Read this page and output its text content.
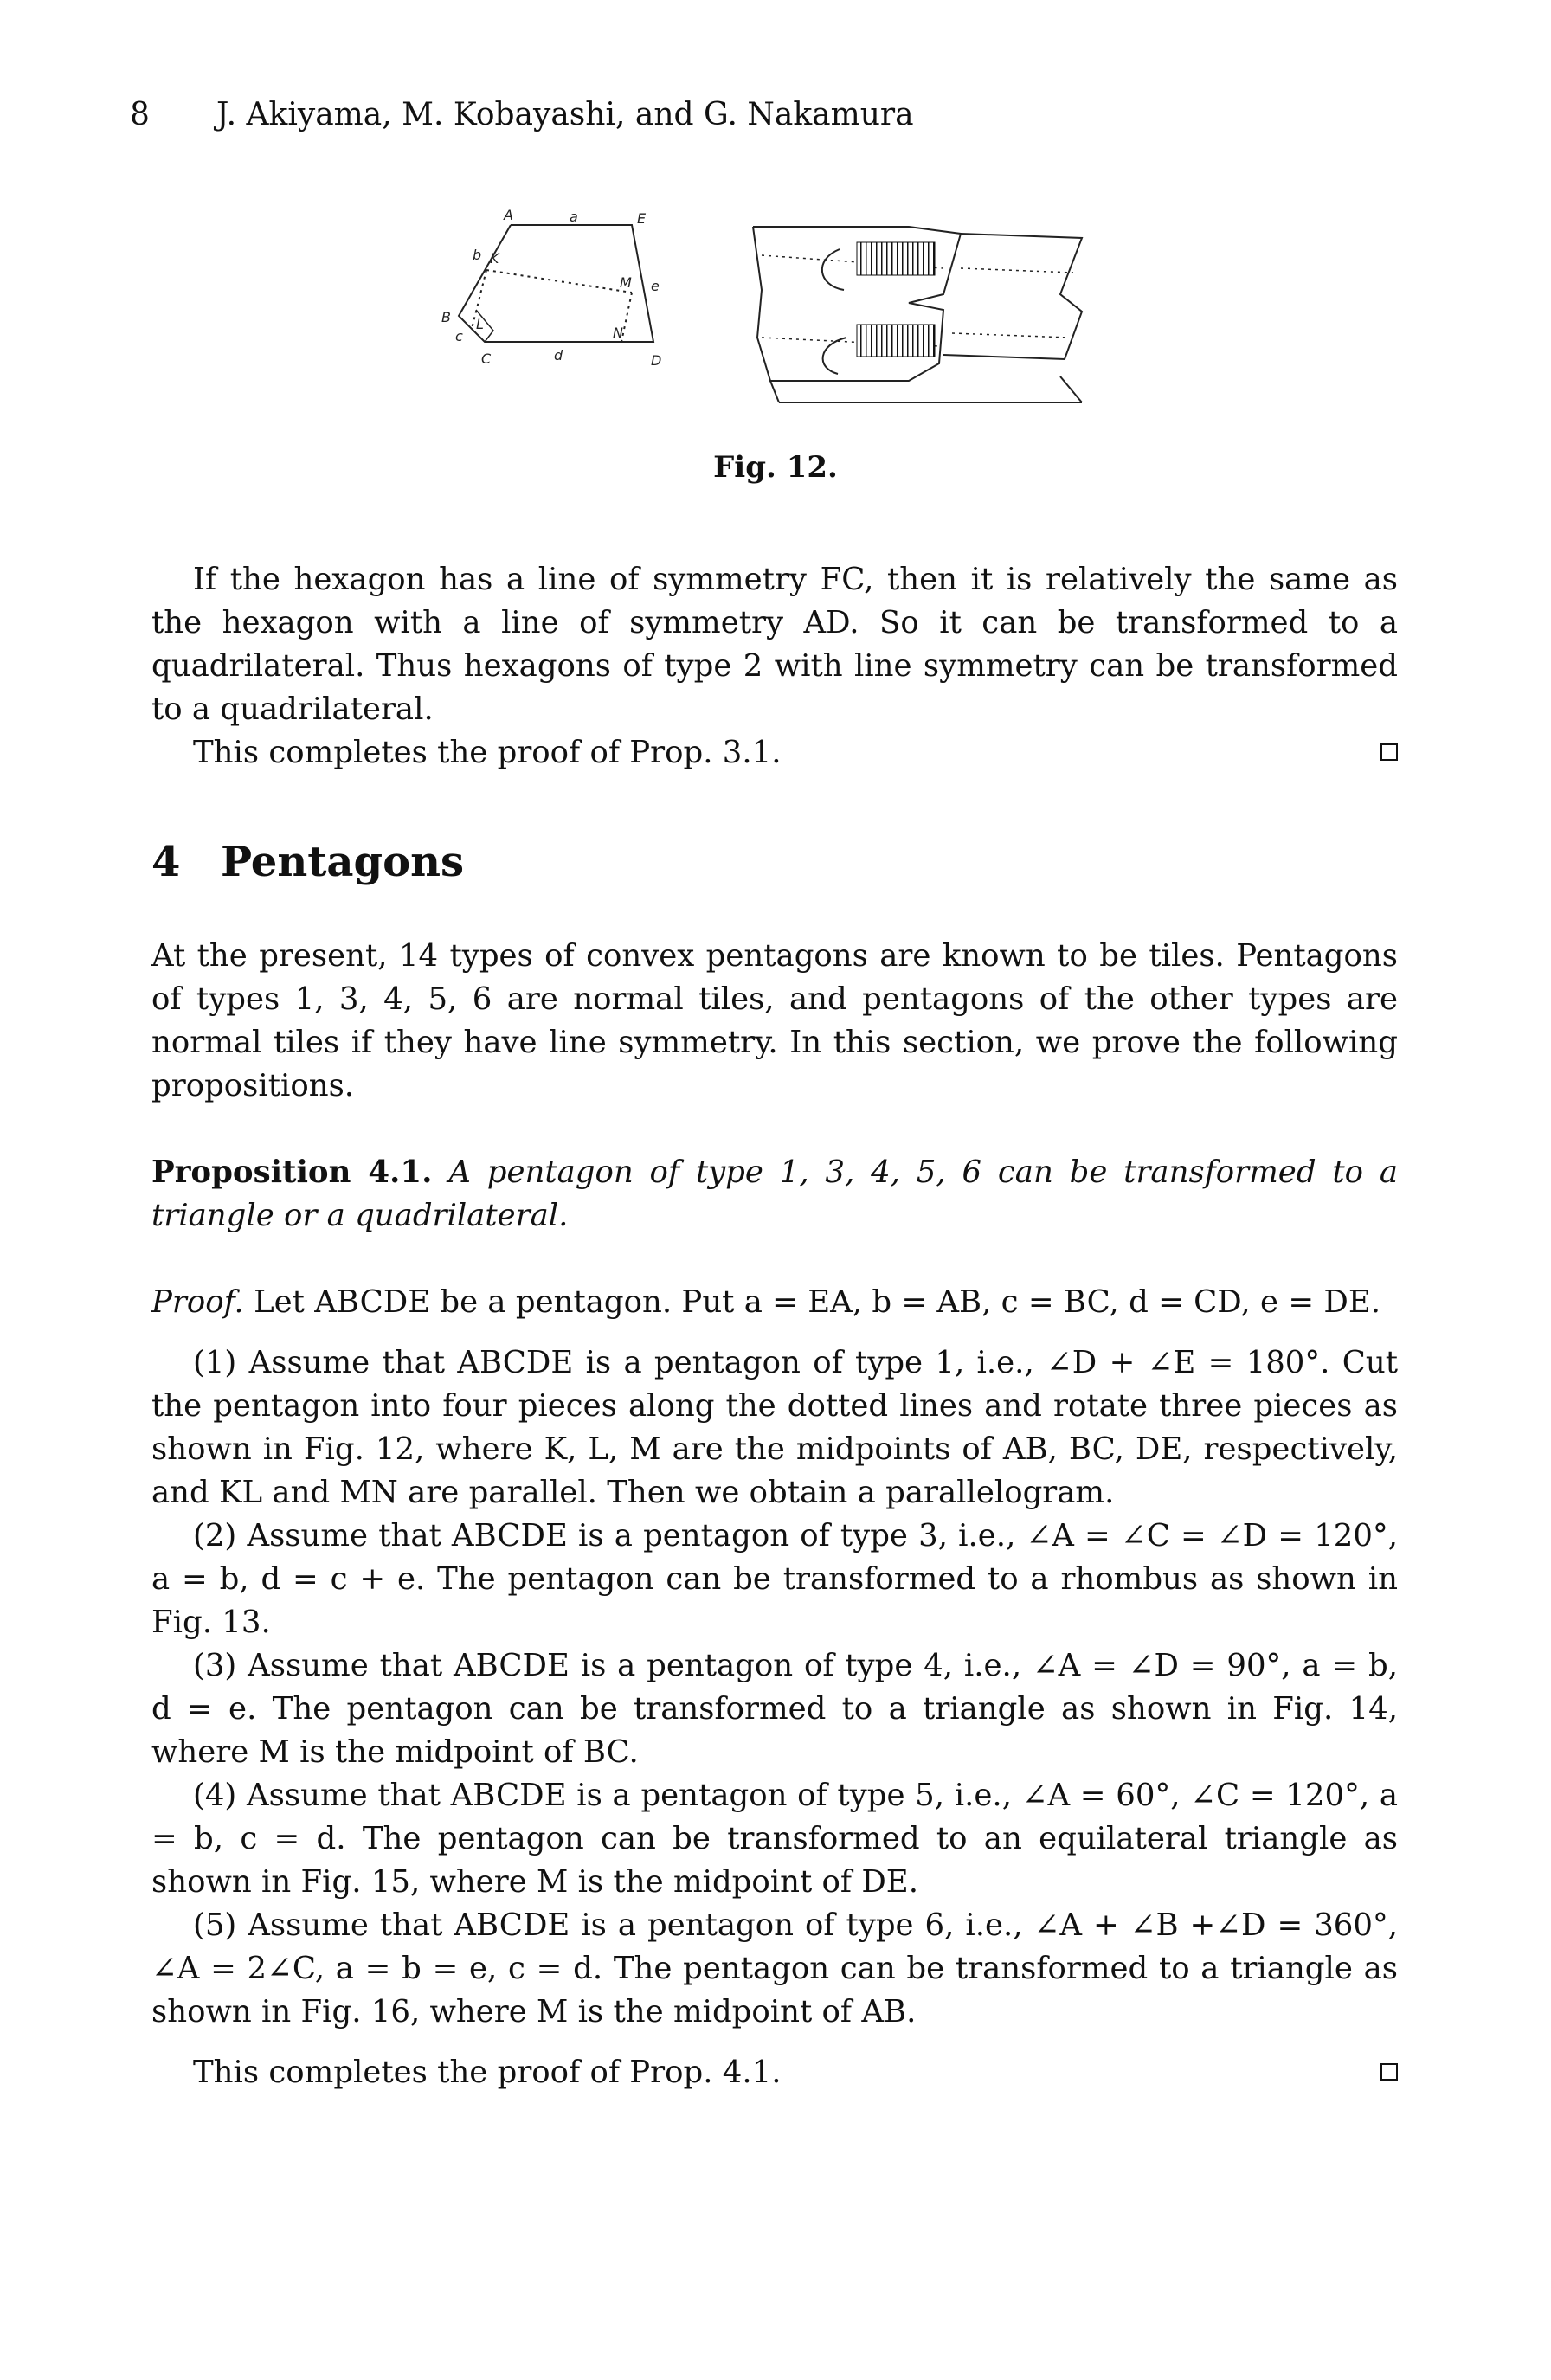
8 J. Akiyama, M. Kobayashi, and G. Nakamura
A	a	E
b K
M e
B L
N
c
C	d	D
Fig. 12.

If the hexagon has a line of symmetry FC, then it is relatively the same as the hexagon with a line of symmetry AD. So it can be transformed to a quadrilateral. Thus hexagons of type 2 with line symmetry can be transformed to a quadrilateral.

This completes the proof of Prop. 3.1.

4 Pentagons

At the present, 14 types of convex pentagons are known to be tiles. Pentagons of types 1, 3, 4, 5, 6 are normal tiles, and pentagons of the other types are normal tiles if they have line symmetry. In this section, we prove the following propositions.

Proposition 4.1. A pentagon of type 1, 3, 4, 5, 6 can be transformed to a triangle or a quadrilateral.

Proof. Let ABCDE be a pentagon. Put a = EA, b = AB, c = BC, d = CD, e = DE.

(1) Assume that ABCDE is a pentagon of type 1, i.e., ∠D + ∠E = 180°. Cut the pentagon into four pieces along the dotted lines and rotate three pieces as shown in Fig. 12, where K, L, M are the midpoints of AB, BC, DE, respectively, and KL and MN are parallel. Then we obtain a parallelogram.

(2) Assume that ABCDE is a pentagon of type 3, i.e., ∠A = ∠C = ∠D = 120°, a = b, d = c + e. The pentagon can be transformed to a rhombus as shown in Fig. 13.

(3) Assume that ABCDE is a pentagon of type 4, i.e., ∠A = ∠D = 90°, a = b, d = e. The pentagon can be transformed to a triangle as shown in Fig. 14, where M is the midpoint of BC.

(4) Assume that ABCDE is a pentagon of type 5, i.e., ∠A = 60°, ∠C = 120°, a = b, c = d. The pentagon can be transformed to an equilateral triangle as shown in Fig. 15, where M is the midpoint of DE.

(5) Assume that ABCDE is a pentagon of type 6, i.e., ∠A + ∠B +∠D = 360°, ∠A = 2∠C, a = b = e, c = d. The pentagon can be transformed to a triangle as shown in Fig. 16, where M is the midpoint of AB.

This completes the proof of Prop. 4.1.
